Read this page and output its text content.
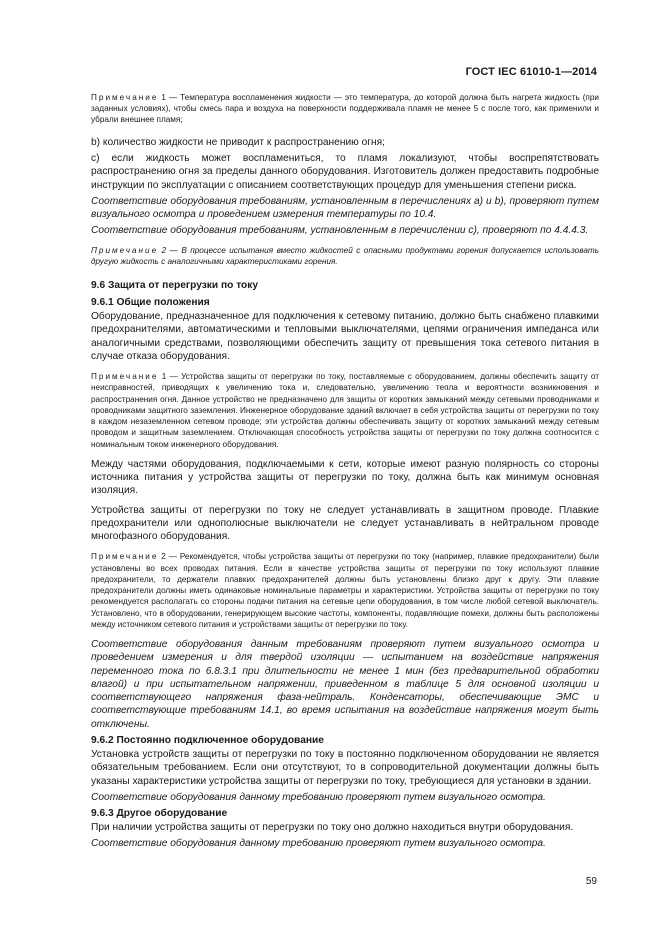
ГОСТ IEC 61010-1—2014

Примечание 1 — Температура воспламенения жидкости — это температура, до которой должна быть нагрета жидкость (при заданных условиях), чтобы смесь пара и воздуха на поверхности поддерживала пламя не менее 5 с после того, как применили и убрали внешнее пламя;

b) количество жидкости не приводит к распространению огня;

c) если жидкость может воспламениться, то пламя локализуют, чтобы воспрепятствовать распространению огня за пределы данного оборудования. Изготовитель должен предоставить подробные инструкции по эксплуатации с описанием соответствующих процедур для уменьшения степени риска.

Соответствие оборудования требованиям, установленным в перечислениях a) и b), проверяют путем визуального осмотра и проведением измерения температуры по 10.4.

Соответствие оборудования требованиям, установленным в перечислении c), проверяют по 4.4.4.3.

Примечание 2 — В процессе испытания вместо жидкостей с опасными продуктами горения допускается использовать другую жидкость с аналогичными характеристиками горения.

9.6 Защита от перегрузки по току

9.6.1 Общие положения

Оборудование, предназначенное для подключения к сетевому питанию, должно быть снабжено плавкими предохранителями, автоматическими и тепловыми выключателями, цепями ограничения импеданса или аналогичными средствами, позволяющими обеспечить защиту от превышения тока сетевого питания в случае отказа оборудования.

Примечание 1 — Устройства защиты от перегрузки по току, поставляемые с оборудованием, должны обеспечить защиту от неисправностей, приводящих к увеличению тока и, следовательно, увеличению тепла и вероятности возникновения и распространения огня. Данное устройство не предназначено для защиты от коротких замыканий между сетевыми проводниками и проводниками защитного заземления. Инженерное оборудование зданий включает в себя устройства защиты от перегрузки по току в каждом незаземленном сетевом проводе; эти устройства должны обеспечивать защиту от коротких замыканий между сетевым проводом и защитным заземлением. Отключающая способность устройства защиты от перегрузки по току должна соотносится с номинальным током инженерного оборудования.

Между частями оборудования, подключаемыми к сети, которые имеют разную полярность со стороны источника питания у устройства защиты от перегрузки по току, должна быть как минимум основная изоляция.

Устройства защиты от перегрузки по току не следует устанавливать в защитном проводе. Плавкие предохранители или однополюсные выключатели не следует устанавливать в нейтральном проводе многофазного оборудования.

Примечание 2 — Рекомендуется, чтобы устройства защиты от перегрузки по току (например, плавкие предохранители) были установлены во всех проводах питания. Если в качестве устройства защиты от перегрузки по току используют плавкие предохранители, то держатели плавких предохранителей должны быть установлены близко друг к другу. Эти плавкие предохранители должны иметь одинаковые номинальные параметры и характеристики. Устройства защиты от перегрузки по току рекомендуется располагать со стороны подачи питания на сетевые цепи оборудования, в том числе любой сетевой выключатель. Установлено, что в оборудовании, генерирующем высокие частоты, компоненты, подавляющие помехи, должны быть расположены между источником сетевого питания и устройствами защиты от перегрузки по току.

Соответствие оборудования данным требованиям проверяют путем визуального осмотра и проведением измерения и для твердой изоляции — испытанием на воздействие напряжения переменного тока по 6.8.3.1 при длительности не менее 1 мин (без предварительной обработки влагой) и при испытательном напряжении, приведенном в таблице 5 для основной изоляции и соответствующего напряжения фаза-нейтраль. Конденсаторы, обеспечивающие ЭМС и соответствующие требованиям 14.1, во время испытания на воздействие напряжения могут быть отключены.

9.6.2 Постоянно подключенное оборудование

Установка устройств защиты от перегрузки по току в постоянно подключенном оборудовании не является обязательным требованием. Если они отсутствуют, то в сопроводительной документации должны быть указаны характеристики устройства защиты от перегрузки по току, требующиеся для установки в здании.

Соответствие оборудования данному требованию проверяют путем визуального осмотра.

9.6.3 Другое оборудование

При наличии устройства защиты от перегрузки по току оно должно находиться внутри оборудования.

Соответствие оборудования данному требованию проверяют путем визуального осмотра.

59
